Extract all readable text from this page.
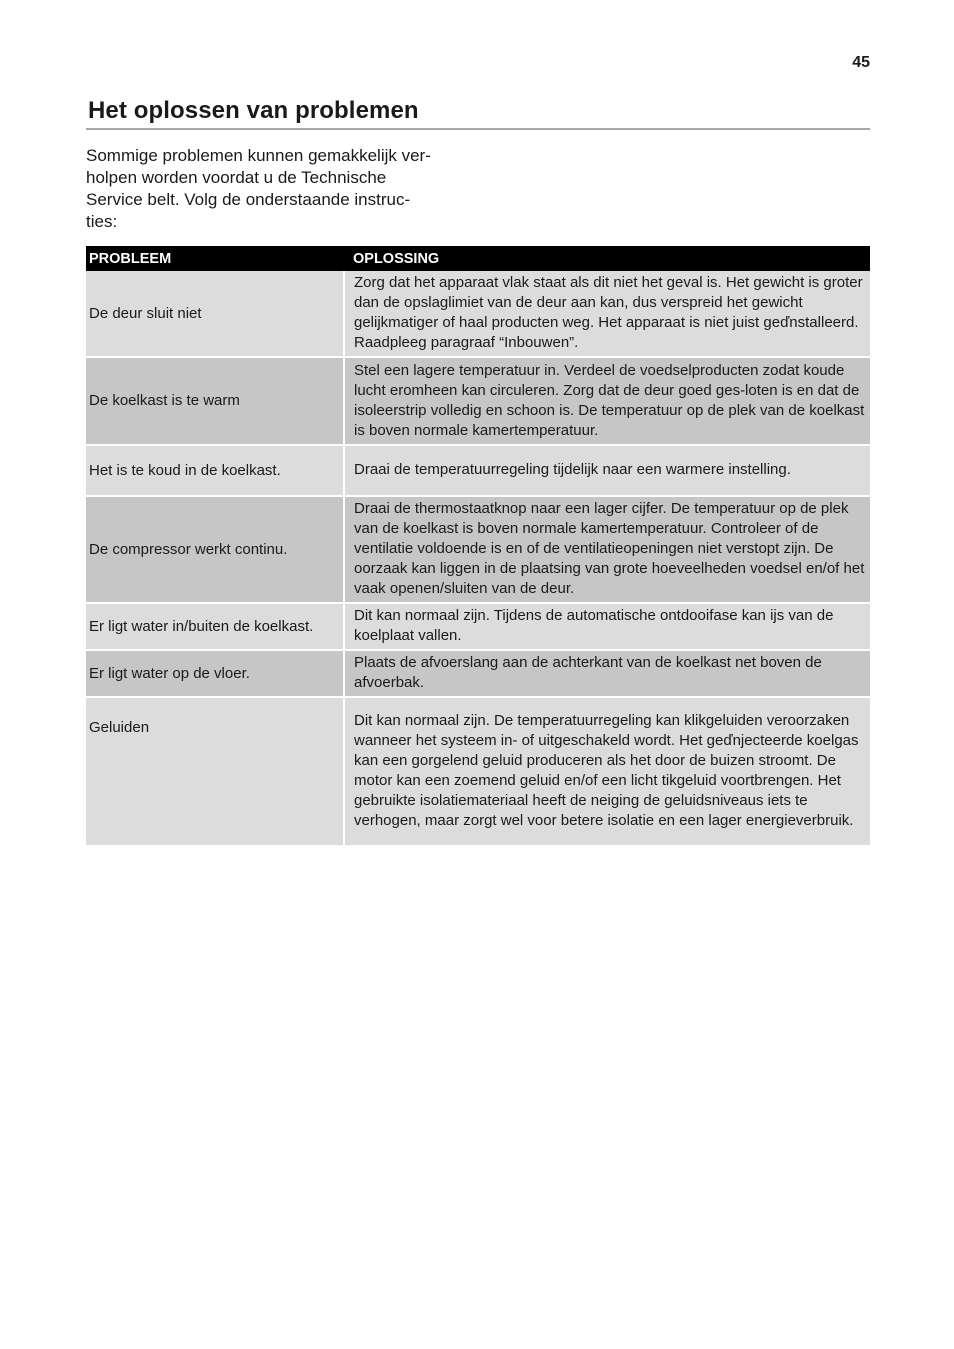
45
Het oplossen van problemen

Sommige problemen kunnen gemakkelijk ver-
holpen worden voordat u de Technische
Service belt. Volg de onderstaande instruc-
ties:

PROBLEEM	OPLOSSING
De deur sluit niet	Zorg dat het apparaat vlak staat als dit niet het geval is. Het gewicht is groter dan de opslaglimiet van de deur aan kan, dus verspreid het gewicht gelijkmatiger of haal producten weg. Het apparaat is niet juist geďnstalleerd. Raadpleeg paragraaf “Inbouwen”.
De koelkast is te warm	Stel een lagere temperatuur in. Verdeel de voedselproducten zodat koude lucht eromheen kan circuleren. Zorg dat de deur goed ges-loten is en dat de isoleerstrip volledig en schoon is. De temperatuur op de plek van de koelkast is boven normale kamertemperatuur.
Het is te koud in de koelkast.	Draai de temperatuurregeling tijdelijk naar een warmere instelling.
De compressor werkt continu.	Draai de thermostaatknop naar een lager cijfer. De temperatuur op de plek van de koelkast is boven normale kamertemperatuur. Controleer of de ventilatie voldoende is en of de ventilatieopeningen niet verstopt zijn. De oorzaak kan liggen in de plaatsing van grote hoeveelheden voedsel en/of het vaak openen/sluiten van de deur.
Er ligt water in/buiten de koelkast.	Dit kan normaal zijn. Tijdens de automatische ontdooifase kan ijs van de koelplaat vallen.
Er ligt water op de vloer.	Plaats de afvoerslang aan de achterkant van de koelkast net boven de afvoerbak.
Geluiden	Dit kan normaal zijn. De temperatuurregeling kan klikgeluiden veroorzaken wanneer het systeem in- of uitgeschakeld wordt. Het geďnjecteerde koelgas kan een gorgelend geluid produceren als het door de buizen stroomt. De motor kan een zoemend geluid en/of een licht tikgeluid voortbrengen. Het gebruikte isolatiemateriaal heeft de neiging de geluidsniveaus iets te verhogen, maar zorgt wel voor betere isolatie en een lager energieverbruik.
